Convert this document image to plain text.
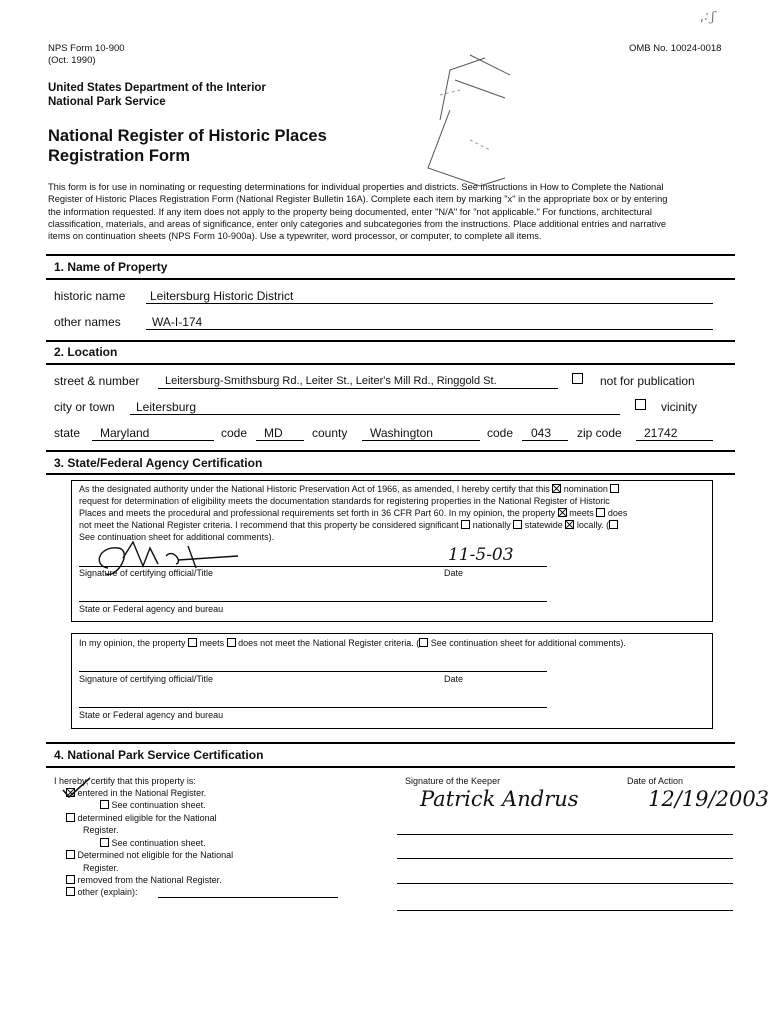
NPS Form 10-900
(Oct. 1990)
OMB No. 10024-0018
ˌ∶ ʃ
United States Department of the Interior
National Park Service
National Register of Historic Places
Registration Form
This form is for use in nominating or requesting determinations for individual properties and districts. See instructions in How to Complete the National
Register of Historic Places Registration Form (National Register Bulletin 16A). Complete each item by marking "x" in the appropriate box or by entering
the information requested. If any item does not apply to the property being documented, enter "N/A" for "not applicable." For functions, architectural
classification, materials, and areas of significance, enter only categories and subcategories from the instructions. Place additional entries and narrative
items on continuation sheets (NPS Form 10-900a). Use a typewriter, word processor, or computer, to complete all items.
1. Name of Property
historic name Leitersburg Historic District
other names	WA-I-174
2. Location
street & number Leitersburg-Smithsburg Rd., Leiter St., Leiter's Mill Rd., Ringgold St.	not for publication
city or town Leitersburg	vicinity
state Maryland	code MD county Washington	code 043 zip code 21742
3. State/Federal Agency Certification
As the designated authority under the National Historic Preservation Act of 1966, as amended, I hereby certify that this nomination
request for determination of eligibility meets the documentation standards for registering properties in the National Register of Historic
Places and meets the procedural and professional requirements set forth in 36 CFR Part 60. In my opinion, the property meets does
not meet the National Register criteria. I recommend that this property be considered significant nationally statewide locally. (
See continuation sheet for additional comments).
11-5-03
Signature of certifying official/Title	Date
State or Federal agency and bureau
In my opinion, the property meets does not meet the National Register criteria. ( See continuation sheet for additional comments).
Signature of certifying official/Title	Date
State or Federal agency and bureau
4. National Park Service Certification
I hereby, certify that this property is:
entered in the National Register.
See continuation sheet.
determined eligible for the National
Register.
See continuation sheet.
Determined not eligible for the National
Register.
removed from the National Register.
other (explain):
Signature of the Keeper	Date of Action
Patrick Andrus	12/19/2003
